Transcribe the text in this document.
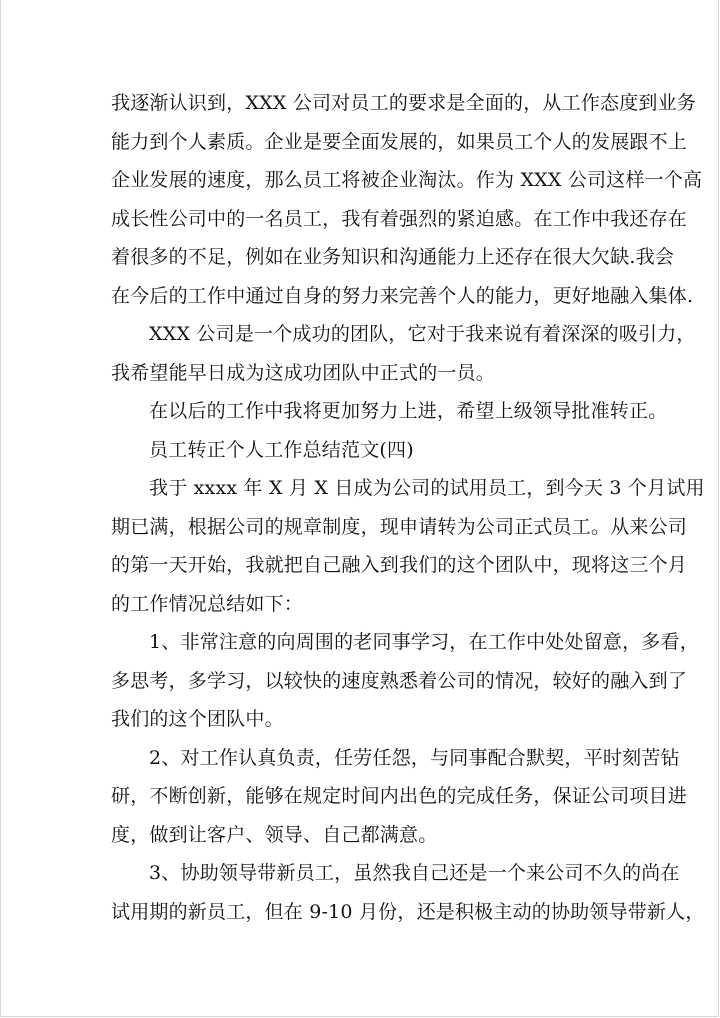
我逐渐认识到，XXX 公司对员工的要求是全面的，从工作态度到业务
能力到个人素质。企业是要全面发展的，如果员工个人的发展跟不上
企业发展的速度，那么员工将被企业淘汰。作为 XXX 公司这样一个高
成长性公司中的一名员工，我有着强烈的紧迫感。在工作中我还存在
着很多的不足，例如在业务知识和沟通能力上还存在很大欠缺.我会
在今后的工作中通过自身的努力来完善个人的能力，更好地融入集体.
XXX 公司是一个成功的团队，它对于我来说有着深深的吸引力，
我希望能早日成为这成功团队中正式的一员。
在以后的工作中我将更加努力上进，希望上级领导批准转正。
员工转正个人工作总结范文(四)
我于 xxxx 年 X 月 X 日成为公司的试用员工，到今天 3 个月试用
期已满，根据公司的规章制度，现申请转为公司正式员工。从来公司
的第一天开始，我就把自己融入到我们的这个团队中，现将这三个月
的工作情况总结如下：
1、非常注意的向周围的老同事学习，在工作中处处留意，多看，
多思考，多学习，以较快的速度熟悉着公司的情况，较好的融入到了
我们的这个团队中。
2、对工作认真负责，任劳任怨，与同事配合默契，平时刻苦钻
研，不断创新，能够在规定时间内出色的完成任务，保证公司项目进
度，做到让客户、领导、自己都满意。
3、协助领导带新员工，虽然我自己还是一个来公司不久的尚在
试用期的新员工，但在 9-10 月份，还是积极主动的协助领导带新人，
